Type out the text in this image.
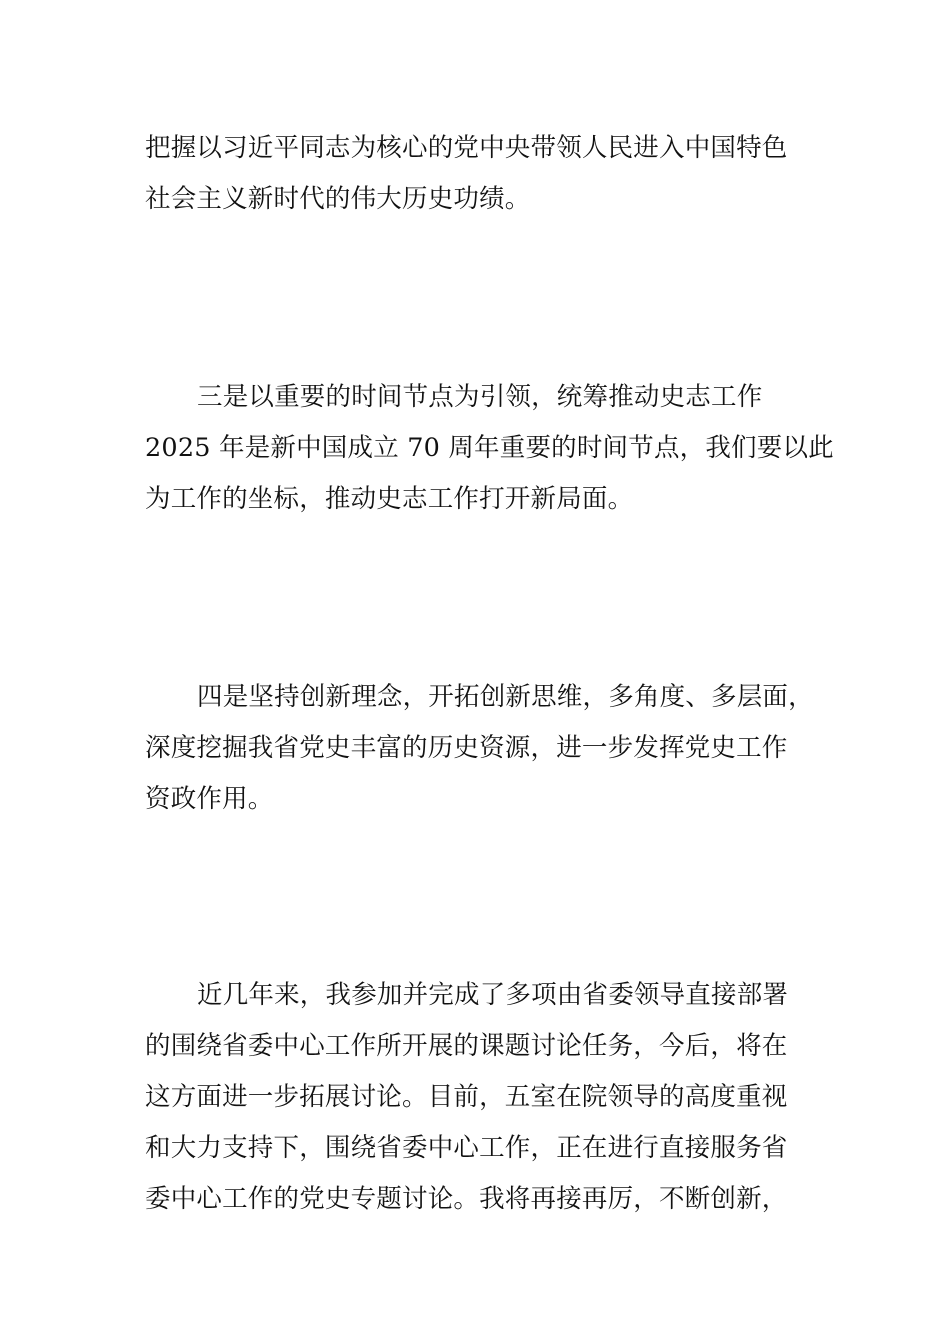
把握以习近平同志为核心的党中央带领人民进入中国特色
社会主义新时代的伟大历史功绩。

三是以重要的时间节点为引领，统筹推动史志工作
2025 年是新中国成立 70 周年重要的时间节点，我们要以此
为工作的坐标，推动史志工作打开新局面。

四是坚持创新理念，开拓创新思维，多角度、多层面，
深度挖掘我省党史丰富的历史资源，进一步发挥党史工作
资政作用。

近几年来，我参加并完成了多项由省委领导直接部署
的围绕省委中心工作所开展的课题讨论任务，今后，将在
这方面进一步拓展讨论。目前，五室在院领导的高度重视
和大力支持下，围绕省委中心工作，正在进行直接服务省
委中心工作的党史专题讨论。我将再接再厉，不断创新，
